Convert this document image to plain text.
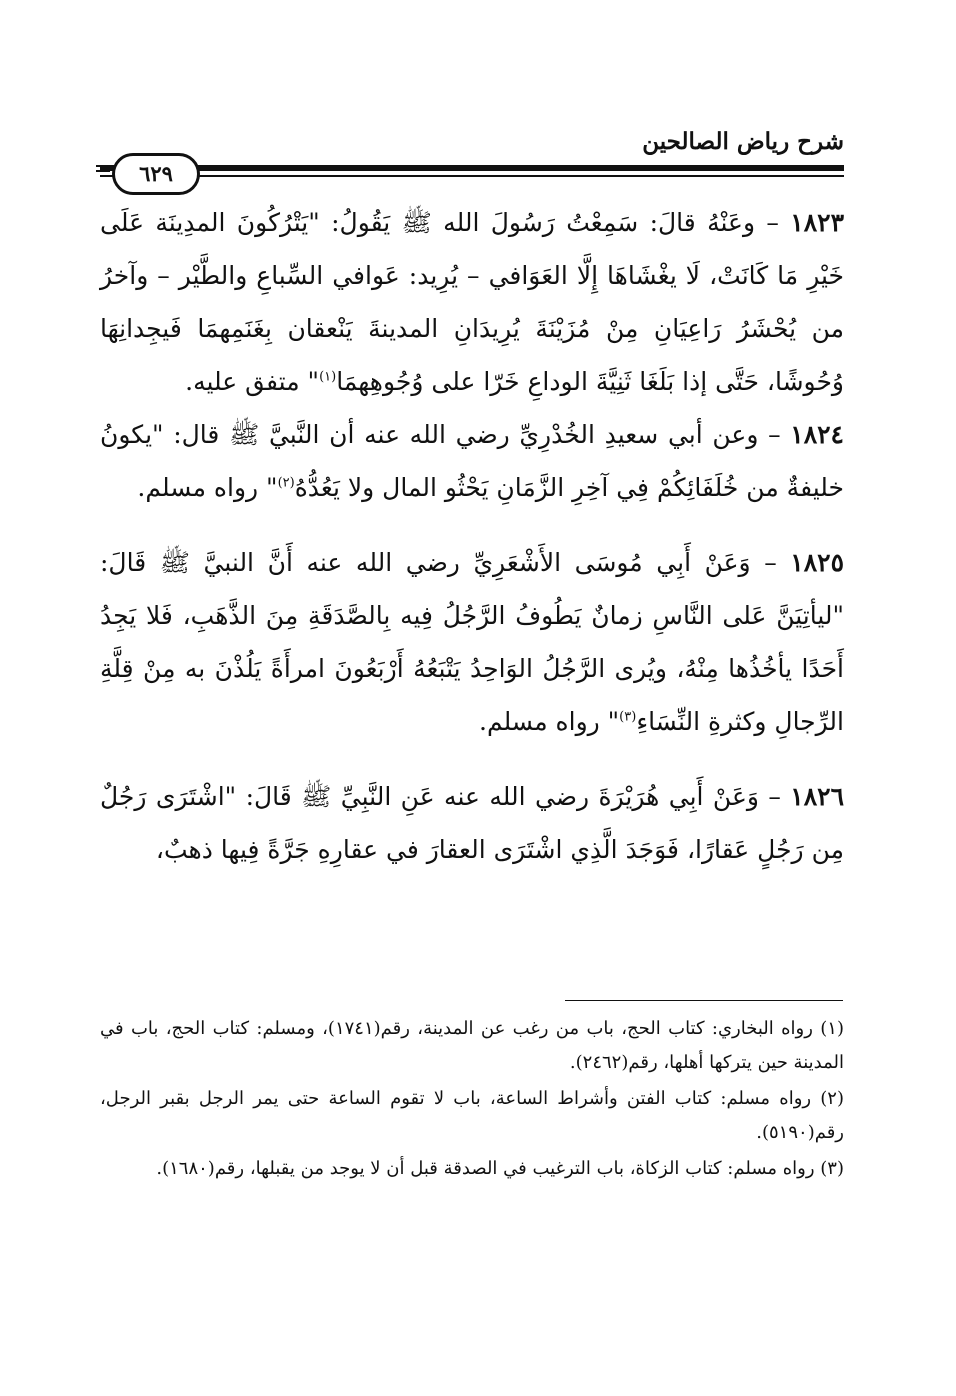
شرح رياض الصالحين
٦٢٩

١٨٢٣ – وعَنْهُ قالَ: سَمِعْتُ رَسُولَ الله ﷺ يَقُولُ: "يَتْرُكُونَ المدِينَة عَلَى خَيْرِ مَا كَانَتْ، لَا يغْشَاهَا إِلَّا العَوَافي – يُرِيد: عَوافي السِّباعِ والطَّيْر – وآخرُ من يُحْشَرُ رَاعِيَانِ مِنْ مُزَيْنَةَ يُرِيدَانِ المدينةَ يَنْعقان بِغَنَمِهمَا فَيجِدانِهَا وُحُوشًا، حَتَّى إذا بَلَغَا ثَنِيَّةَ الوداعِ خَرّا على وُجُوهِهمَا$^{(١)}$" متفق عليه.

١٨٢٤ – وعن أبي سعيدِ الخُدْرِيِّ رضي الله عنه أن النَّبيَّ ﷺ قال: "يكونُ خليفةٌ من خُلَفَائِكُمْ فِي آخِرِ الزَّمَانِ يَحْثُو المال ولا يَعُدُّهُ$^{(٢)}$" رواه مسلم.

١٨٢٥ – وَعَنْ أَبِي مُوسَى الأَشْعَرِيِّ رضي الله عنه أَنَّ النبيَّ ﷺ قَالَ: "ليأتِيَنَّ عَلى النَّاسِ زمانٌ يَطُوفُ الرَّجُلُ فِيه بِالصَّدَقَةِ مِنَ الذَّهَبِ، فَلا يَجِدُ أَحَدًا يأخُذُها مِنْهُ، ويُرى الرَّجُلُ الوَاحِدُ يَتْبَعُهُ أَرْبَعُونَ امرأَةً يَلُذْنَ به مِنْ قِلَّةِ الرِّجالِ وكثرةِ النِّسَاءِ$^{(٣)}$" رواه مسلم.

١٨٢٦ – وَعَنْ أَبِي هُرَيْرَةَ رضي الله عنه عَنِ النَّبِيِّ ﷺ قَالَ: "اشْتَرَى رَجُلٌ مِن رَجُلٍ عَقارًا، فَوَجَدَ الَّذِي اشْتَرَى العقارَ في عقارِهِ جَرَّةً فِيها ذهبٌ،

(١) رواه البخاري: كتاب الحج، باب من رغب عن المدينة، رقم(١٧٤١)، ومسلم: كتاب الحج، باب في المدينة حين يتركها أهلها، رقم(٢٤٦٢).

(٢) رواه مسلم: كتاب الفتن وأشراط الساعة، باب لا تقوم الساعة حتى يمر الرجل بقبر الرجل، رقم(٥١٩٠).

(٣) رواه مسلم: كتاب الزكاة، باب الترغيب في الصدقة قبل أن لا يوجد من يقبلها، رقم(١٦٨٠).
